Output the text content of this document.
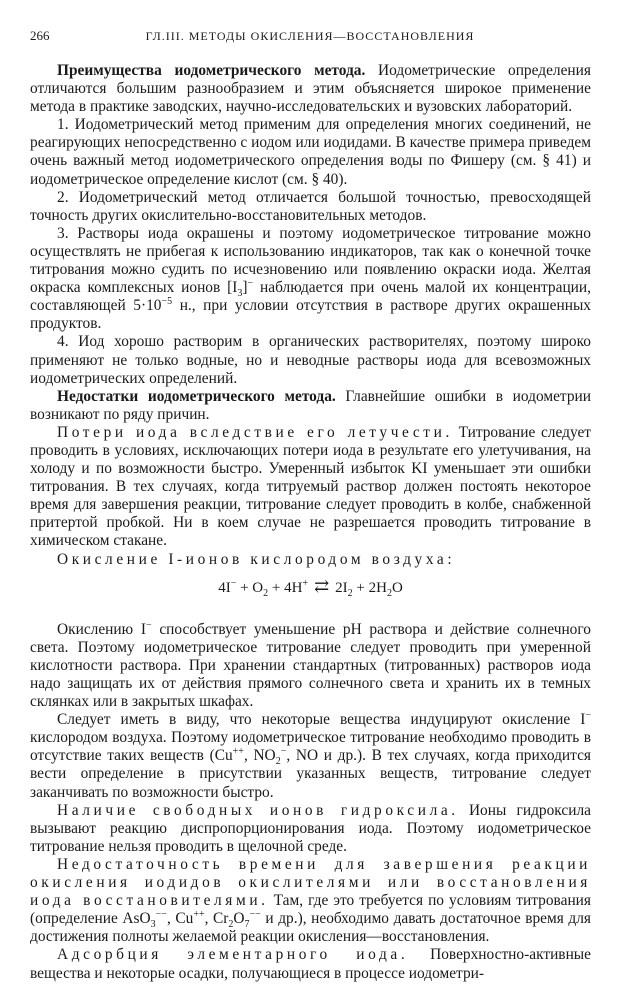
266	ГЛ.III. МЕТОДЫ ОКИСЛЕНИЯ—ВОССТАНОВЛЕНИЯ

Преимущества иодометрического метода. Иодометрические определения отличаются большим разнообразием и этим объясняется широкое применение метода в практике заводских, научно-исследовательских и вузовских лабораторий.

1. Иодометрический метод применим для определения многих соединений, не реагирующих непосредственно с иодом или иодидами. В качестве примера приведем очень важный метод иодометрического определения воды по Фишеру (см. § 41) и иодометрическое определение кислот (см. § 40).

2. Иодометрический метод отличается большой точностью, превосходящей точность других окислительно-восстановительных методов.

3. Растворы иода окрашены и поэтому иодометрическое титрование можно осуществлять не прибегая к использованию индикаторов, так как о конечной точке титрования можно судить по исчезновению или появлению окраски иода. Желтая окраска комплексных ионов $[I_3]^-$ наблюдается при очень малой их концентрации, составляющей $5\cdot 10^{-5}$ н., при условии отсутствия в растворе других окрашенных продуктов.

4. Иод хорошо растворим в органических растворителях, поэтому широко применяют не только водные, но и неводные растворы иода для всевозможных иодометрических определений.

Недостатки иодометрического метода. Главнейшие ошибки в иодометрии возникают по ряду причин.

Потери иода вследствие его летучести. Титрование следует проводить в условиях, исключающих потери иода в результате его улетучивания, на холоду и по возможности быстро. Умеренный избыток KI уменьшает эти ошибки титрования. В тех случаях, когда титруемый раствор должен постоять некоторое время для завершения реакции, титрование следует проводить в колбе, снабженной притертой пробкой. Ни в коем случае не разрешается проводить титрование в химическом стакане.

Окисление I-ионов кислородом воздуха:

$4I^- + O_2 + 4H^+$ ⇄ $2I_2 + 2H_2O$

Окислению I− способствует уменьшение pH раствора и действие солнечного света. Поэтому иодометрическое титрование следует проводить при умеренной кислотности раствора. При хранении стандартных (титрованных) растворов иода надо защищать их от действия прямого солнечного света и хранить их в темных склянках или в закрытых шкафах.

Следует иметь в виду, что некоторые вещества индуцируют окисление I− кислородом воздуха. Поэтому иодометрическое титрование необходимо проводить в отсутствие таких веществ (Cu++, $NO_2^-$, NO и др.). В тех случаях, когда приходится вести определение в присутствии указанных веществ, титрование следует заканчивать по возможности быстро.

Наличие свободных ионов гидроксила. Ионы гидроксила вызывают реакцию диспропорционирования иода. Поэтому иодометрическое титрование нельзя проводить в щелочной среде.

Недостаточность времени для завершения реакции окисления иодидов окислителями или восстановления иода восстановителями. Там, где это требуется по условиям титрования (определение AsO$_3$−−, Cu++, $Cr_2O_7^{--}$ и др.), необходимо давать достаточное время для достижения полноты желаемой реакции окисления—восстановления.

Адсорбция элементарного иода. Поверхностно-активные вещества и некоторые осадки, получающиеся в процессе иодометри-
